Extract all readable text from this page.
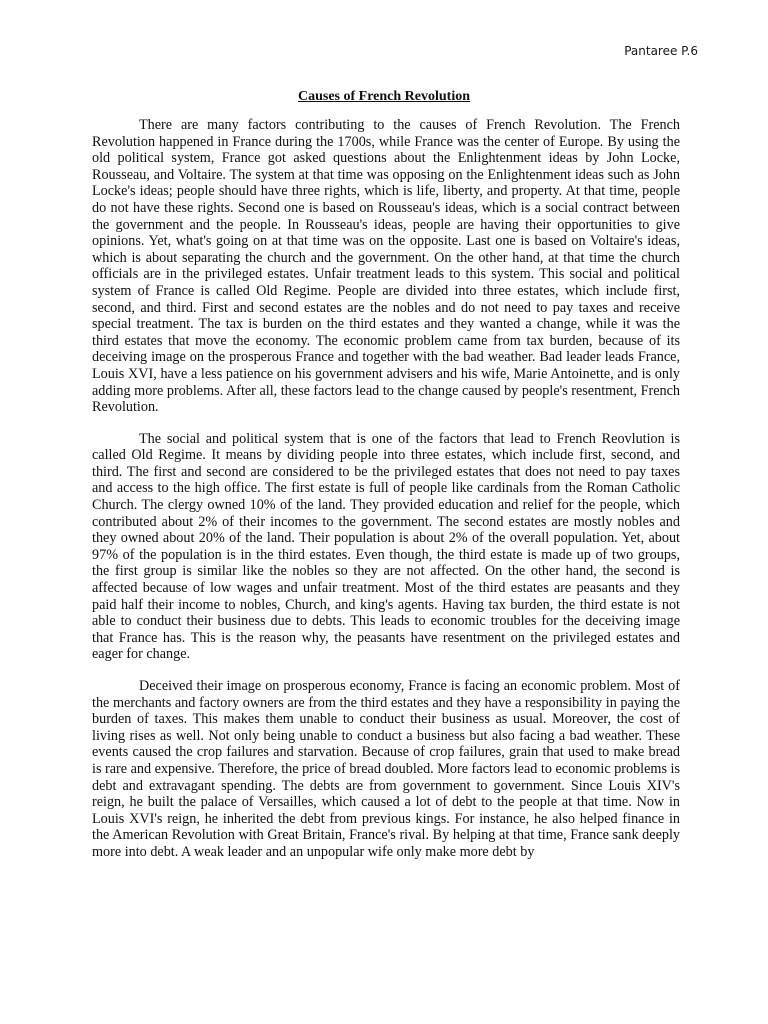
Pantaree P.6
Causes of French Revolution

There are many factors contributing to the causes of French Revolution. The French Revolution happened in France during the 1700s, while France was the center of Europe. By using the old political system, France got asked questions about the Enlightenment ideas by John Locke, Rousseau, and Voltaire. The system at that time was opposing on the Enlightenment ideas such as John Locke's ideas; people should have three rights, which is life, liberty, and property. At that time, people do not have these rights. Second one is based on Rousseau's ideas, which is a social contract between the government and the people. In Rousseau's ideas, people are having their opportunities to give opinions. Yet, what's going on at that time was on the opposite. Last one is based on Voltaire's ideas, which is about separating the church and the government. On the other hand, at that time the church officials are in the privileged estates. Unfair treatment leads to this system. This social and political system of France is called Old Regime. People are divided into three estates, which include first, second, and third. First and second estates are the nobles and do not need to pay taxes and receive special treatment. The tax is burden on the third estates and they wanted a change, while it was the third estates that move the economy. The economic problem came from tax burden, because of its deceiving image on the prosperous France and together with the bad weather. Bad leader leads France, Louis XVI, have a less patience on his government advisers and his wife, Marie Antoinette, and is only adding more problems. After all, these factors lead to the change caused by people's resentment, French Revolution.

The social and political system that is one of the factors that lead to French Reovlution is called Old Regime. It means by dividing people into three estates, which include first, second, and third. The first and second are considered to be the privileged estates that does not need to pay taxes and access to the high office. The first estate is full of people like cardinals from the Roman Catholic Church. The clergy owned 10% of the land. They provided education and relief for the people, which contributed about 2% of their incomes to the government. The second estates are mostly nobles and they owned about 20% of the land. Their population is about 2% of the overall population. Yet, about 97% of the population is in the third estates. Even though, the third estate is made up of two groups, the first group is similar like the nobles so they are not affected. On the other hand, the second is affected because of low wages and unfair treatment. Most of the third estates are peasants and they paid half their income to nobles, Church, and king's agents. Having tax burden, the third estate is not able to conduct their business due to debts. This leads to economic troubles for the deceiving image that France has. This is the reason why, the peasants have resentment on the privileged estates and eager for change.

Deceived their image on prosperous economy, France is facing an economic problem. Most of the merchants and factory owners are from the third estates and they have a responsibility in paying the burden of taxes. This makes them unable to conduct their business as usual. Moreover, the cost of living rises as well. Not only being unable to conduct a business but also facing a bad weather. These events caused the crop failures and starvation. Because of crop failures, grain that used to make bread is rare and expensive. Therefore, the price of bread doubled. More factors lead to economic problems is debt and extravagant spending. The debts are from government to government. Since Louis XIV's reign, he built the palace of Versailles, which caused a lot of debt to the people at that time. Now in Louis XVI's reign, he inherited the debt from previous kings. For instance, he also helped finance in the American Revolution with Great Britain, France's rival. By helping at that time, France sank deeply more into debt. A weak leader and an unpopular wife only make more debt by
